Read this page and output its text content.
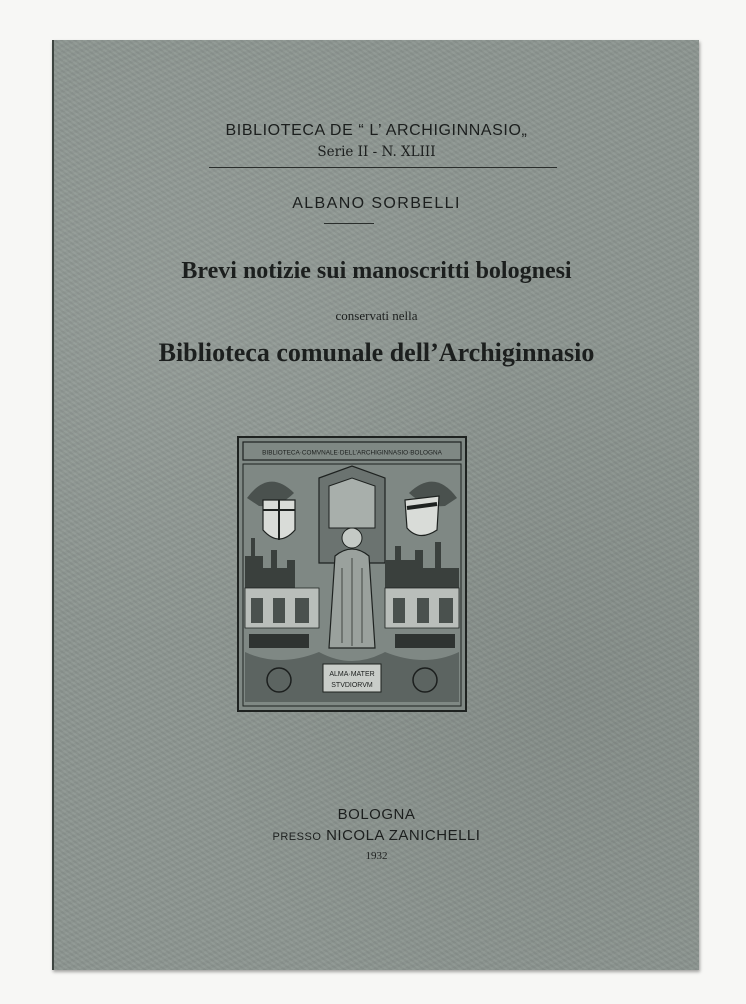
BIBLIOTECA DE “ L’ ARCHIGINNASIO„
Serie II - N. XLIII
ALBANO SORBELLI
Brevi notizie sui manoscritti bolognesi
conservati nella
Biblioteca comunale dell’Archiginnasio
BIBLIOTECA·COMVNALE·DELL’ARCHIGINNASIO·BOLOGNA
ALMA·MATER
STVDIORVM
BOLOGNA
PRESSO NICOLA ZANICHELLI
1932
